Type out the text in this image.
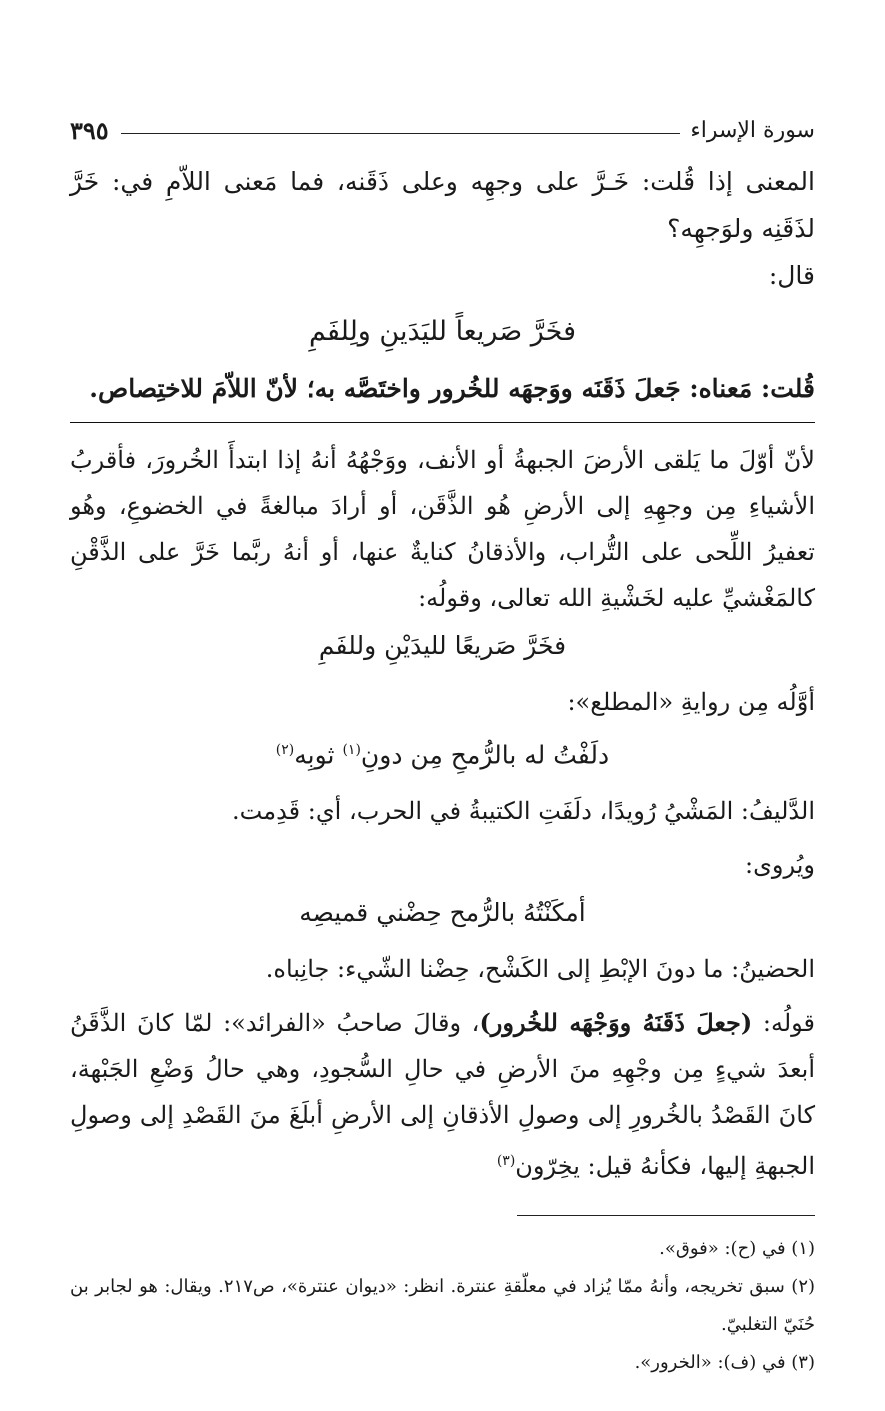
سورة الإسراء
٣٩٥

المعنى إذا قُلت: خَـرَّ على وجهِه وعلى ذَقَنه، فما مَعنى اللاّمِ في: خَرَّ لذَقَنِه ولوَجهِه؟

قال:

فخَرَّ صَريعاً لليَدَينِ ولِلفَمِ

قُلت: مَعناه: جَعلَ ذَقَنَه ووَجهَه للخُرور واختَصَّه به؛ لأنّ اللاّمَ للاختِصاص.

لأنّ أوّلَ ما يَلقى الأرضَ الجبهةُ أو الأنف، ووَجْهُهُ أنهُ إذا ابتدأَ الخُرورَ، فأقربُ الأشياءِ مِن وجهِهِ إلى الأرضِ هُو الذَّقَن، أو أرادَ مبالغةً في الخضوعِ، وهُو تعفيرُ اللِّحى على التُّراب، والأذقانُ كنايةٌ عنها، أو أنهُ ربَّما خَرَّ على الذَّقْنِ كالمَغْشيِّ عليه لخَشْيةِ الله تعالى، وقولُه:

فخَرَّ صَريعًا لليدَيْنِ وللفَمِ

أوَّلُه مِن روايةِ «المطلع»:

دلَفْتُ له بالرُّمحِ مِن دونِ$^{(١)}$ ثوبِه$^{(٢)}$

الدَّليفُ: المَشْيُ رُويدًا، دلَفَتِ الكتيبةُ في الحرب، أي: قَدِمت.

ويُروى:

أمكَنْتُهُ بالرُّمح حِضْني قميصِه

الحضينُ: ما دونَ الإبْطِ إلى الكَشْح، حِضْنا الشّيء: جانِباه.

قولُه: (جعلَ ذَقَنَهُ ووَجْهَه للخُرور)، وقالَ صاحبُ «الفرائد»: لمّا كانَ الذَّقَنُ أبعدَ شيءٍ مِن وجْهِهِ منَ الأرضِ في حالِ السُّجودِ، وهي حالُ وَضْعِ الجَبْهة، كانَ القَصْدُ بالخُرورِ إلى وصولِ الأذقانِ إلى الأرضِ أبلَغَ منَ القَصْدِ إلى وصولِ الجبهةِ إليها، فكأنهُ قيل: يخِرّون$^{(٣)}$

(١) في (ح): «فوق».

(٢) سبق تخريجه، وأنهُ ممّا يُزاد في معلّقةِ عنترة. انظر: «ديوان عنترة»، ص٢١٧. ويقال: هو لجابر بن حُنَيّ التغلبيّ.

(٣) في (ف): «الخرور».
